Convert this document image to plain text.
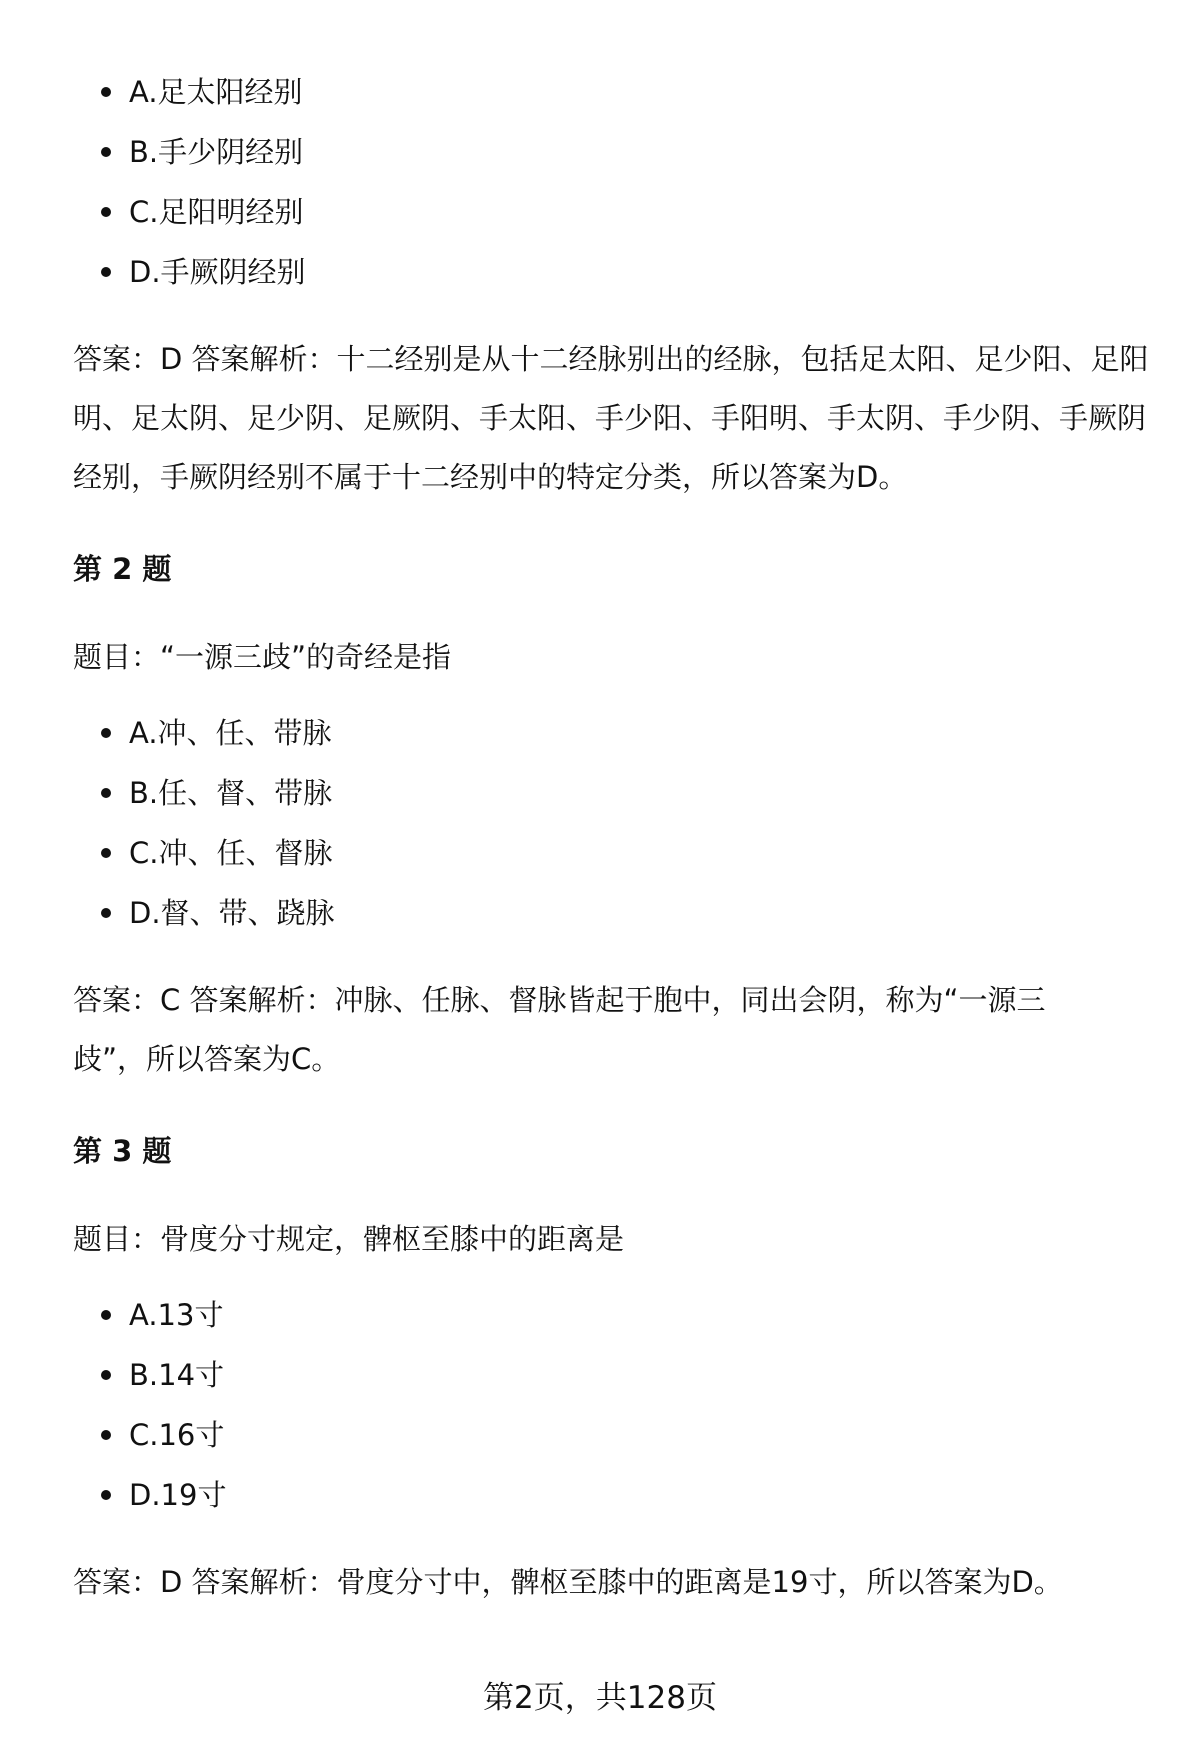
A.足太阳经别
B.手少阴经别
C.足阳明经别
D.手厥阴经别

答案：D 答案解析：十二经别是从十二经脉别出的经脉，包括足太阳、足少阳、足阳明、足太阴、足少阴、足厥阴、手太阳、手少阳、手阳明、手太阴、手少阴、手厥阴经别，手厥阴经别不属于十二经别中的特定分类，所以答案为D。

第 2 题

题目：“一源三歧”的奇经是指

A.冲、任、带脉
B.任、督、带脉
C.冲、任、督脉
D.督、带、跷脉

答案：C 答案解析：冲脉、任脉、督脉皆起于胞中，同出会阴，称为“一源三歧”，所以答案为C。

第 3 题

题目：骨度分寸规定，髀枢至膝中的距离是

A.13寸
B.14寸
C.16寸
D.19寸

答案：D 答案解析：骨度分寸中，髀枢至膝中的距离是19寸，所以答案为D。

第2页，共128页
